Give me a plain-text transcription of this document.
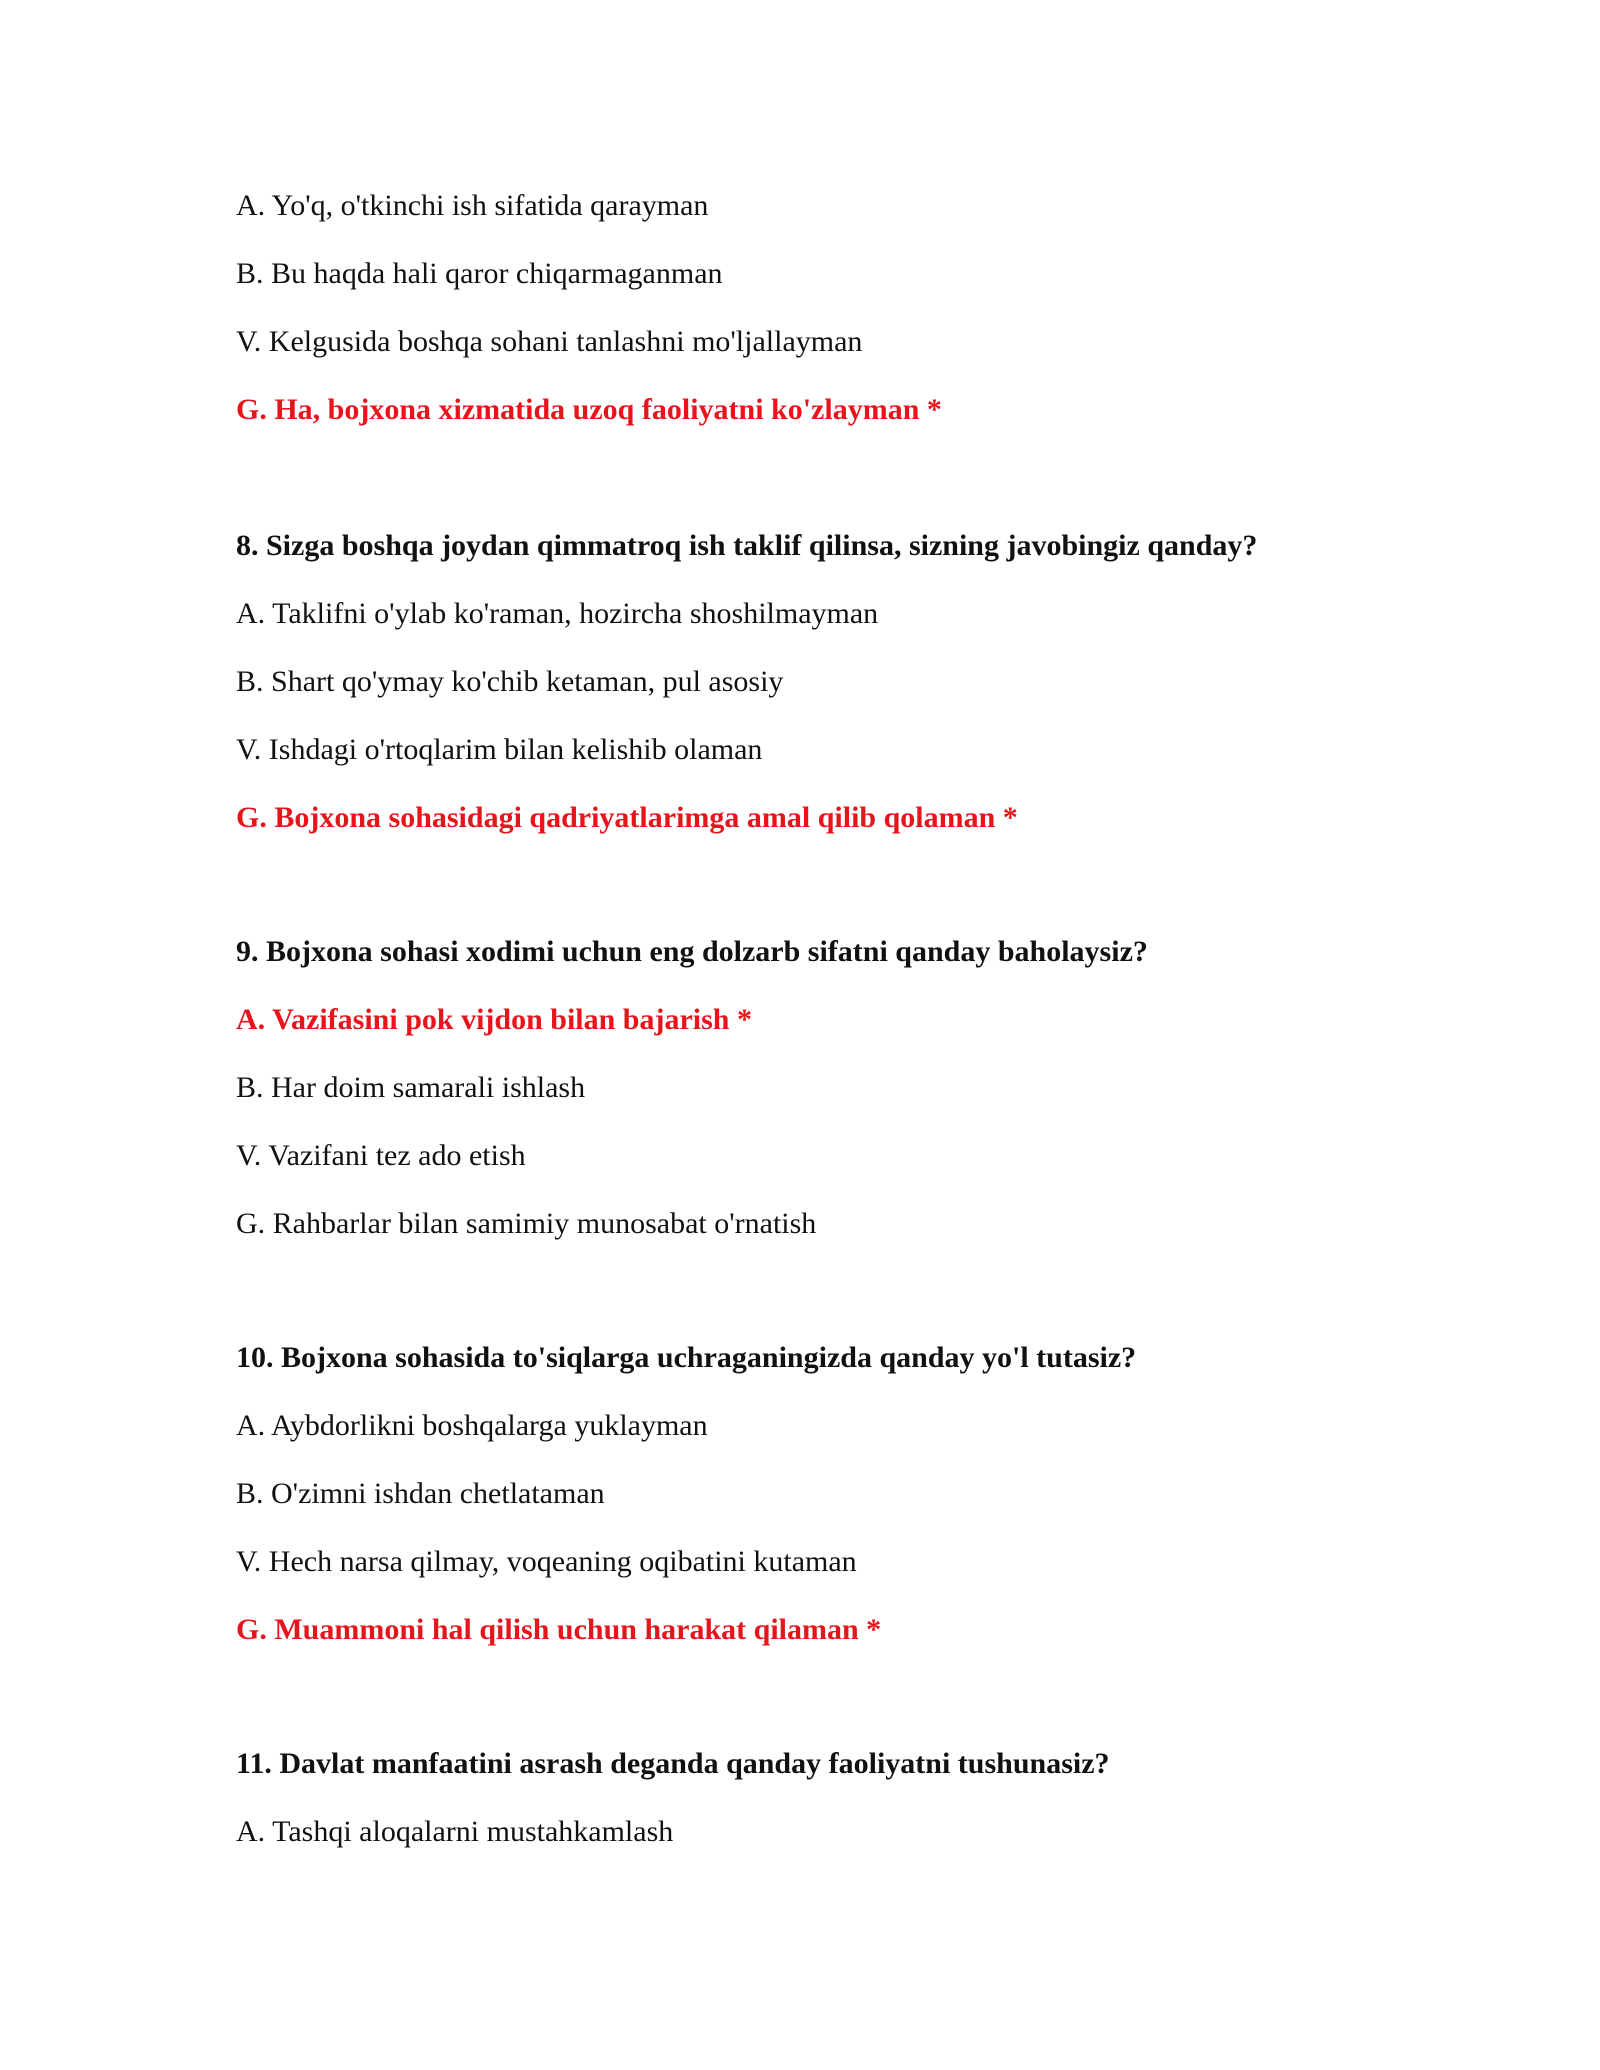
A. Yo'q, o'tkinchi ish sifatida qarayman
B. Bu haqda hali qaror chiqarmaganman
V. Kelgusida boshqa sohani tanlashni mo'ljallayman
G. Ha, bojxona xizmatida uzoq faoliyatni ko'zlayman *
8. Sizga boshqa joydan qimmatroq ish taklif qilinsa, sizning javobingiz qanday?
A. Taklifni o'ylab ko'raman, hozircha shoshilmayman
B. Shart qo'ymay ko'chib ketaman, pul asosiy
V. Ishdagi o'rtoqlarim bilan kelishib olaman
G. Bojxona sohasidagi qadriyatlarimga amal qilib qolaman *
9. Bojxona sohasi xodimi uchun eng dolzarb sifatni qanday baholaysiz?
A. Vazifasini pok vijdon bilan bajarish *
B. Har doim samarali ishlash
V. Vazifani tez ado etish
G. Rahbarlar bilan samimiy munosabat o'rnatish
10. Bojxona sohasida to'siqlarga uchraganingizda qanday yo'l tutasiz?
A. Aybdorlikni boshqalarga yuklayman
B. O'zimni ishdan chetlataman
V. Hech narsa qilmay, voqeaning oqibatini kutaman
G. Muammoni hal qilish uchun harakat qilaman *
11. Davlat manfaatini asrash deganda qanday faoliyatni tushunasiz?
A. Tashqi aloqalarni mustahkamlash
